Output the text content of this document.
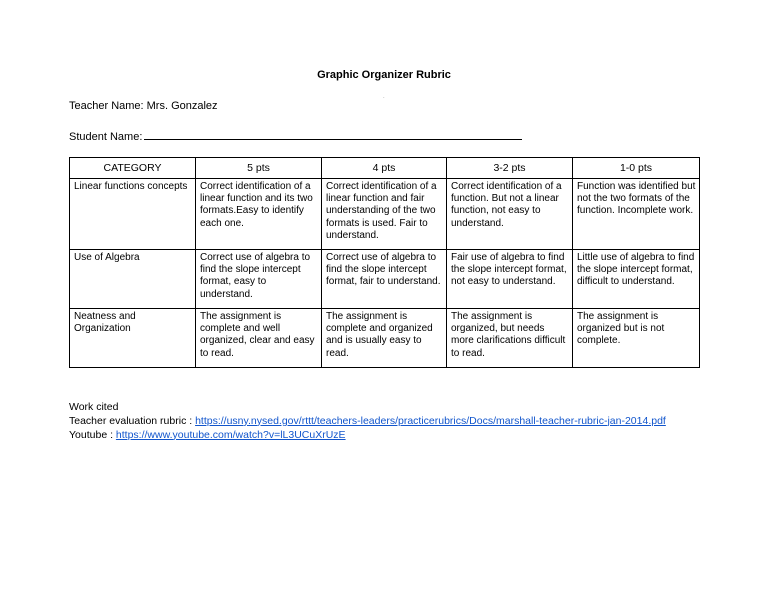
Graphic Organizer Rubric
.
Teacher Name: Mrs. Gonzalez
Student Name:
CATEGORY	5 pts	4 pts	3-2 pts	1-0 pts
Linear functions concepts	Correct identification of a linear function and its two formats.Easy to identify each one.	Correct identification of a linear function and fair understanding of the two formats is used. Fair to understand.	Correct identification of a function. But not a linear function, not easy to understand.	Function was identified but not the two formats of the function. Incomplete work.
Use of Algebra	Correct use of algebra to find the slope intercept format, easy to understand.	Correct use of algebra to find the slope intercept format, fair to understand.	Fair use of algebra to find the slope intercept format, not easy to understand.	Little use of algebra to find the slope intercept format, difficult to understand.
Neatness and Organization	The assignment is complete and well organized, clear and easy to read.	The assignment is complete and organized and is usually easy to read.	The assignment is organized, but needs more clarifications difficult to read.	The assignment is organized but is not complete.
Work cited
Teacher evaluation rubric : https://usny.nysed.gov/rttt/teachers-leaders/practicerubrics/Docs/marshall-teacher-rubric-jan-2014.pdf
Youtube : https://www.youtube.com/watch?v=lL3UCuXrUzE
